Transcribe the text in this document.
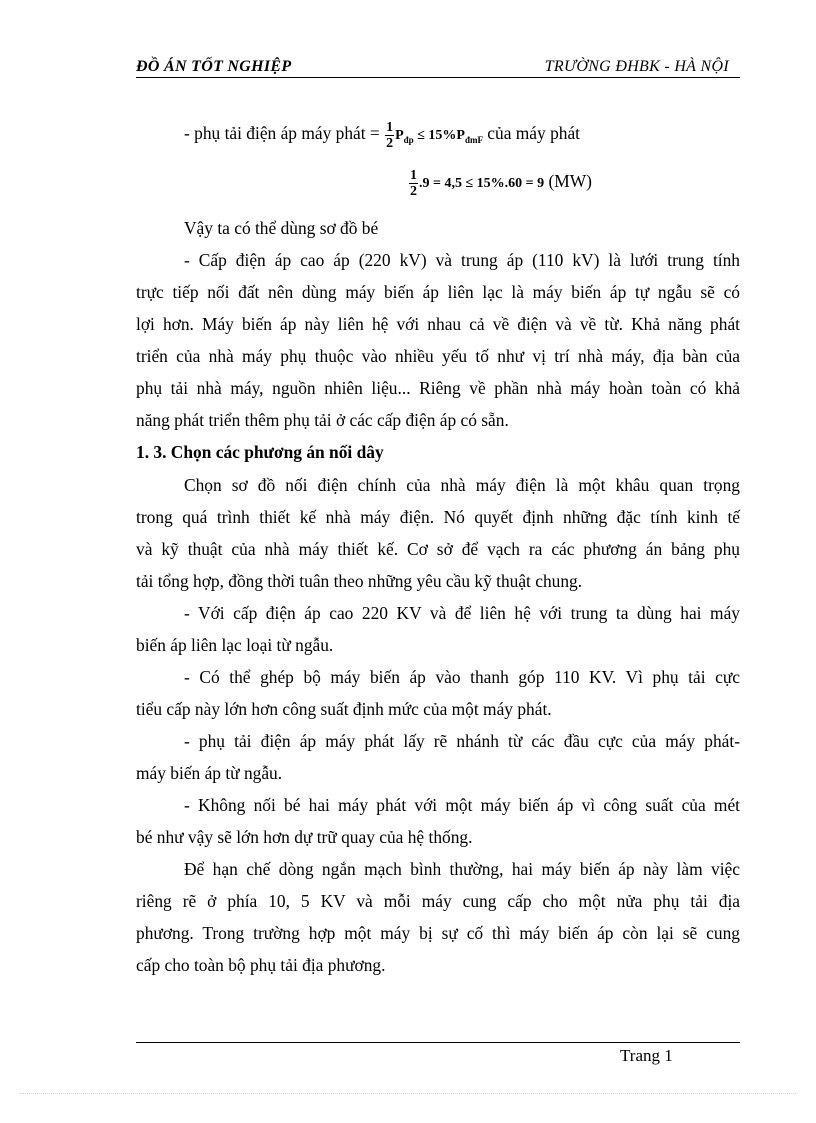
ĐỒ ÁN TỐT NGHIỆP	TRƯỜNG ĐHBK - HÀ NỘI
- phụ tải điện áp máy phát = $\frac{1}{2} P_{đp} \le 15\%P_{đmF}$ của máy phát
$\frac{1}{2} .9 = 4,5 \le 15\%.60 = 9$ (MW)
Vậy ta có thể dùng sơ đồ bé
- Cấp điện áp cao áp (220 kV) và trung áp (110 kV) là lưới trung tính
trực tiếp nối đất nên dùng máy biến áp liên lạc là máy biến áp tự ngẫu sẽ có
lợi hơn. Máy biến áp này liên hệ với nhau cả về điện và về từ. Khả năng phát
triển của nhà máy phụ thuộc vào nhiều yếu tố như vị trí nhà máy, địa bàn của
phụ tải nhà máy, nguồn nhiên liệu... Riêng về phần nhà máy hoàn toàn có khả
năng phát triển thêm phụ tải ở các cấp điện áp có sẵn.
1. 3. Chọn các phương án nối dây
Chọn sơ đồ nối điện chính của nhà máy điện là một khâu quan trọng
trong quá trình thiết kế nhà máy điện. Nó quyết định những đặc tính kinh tế
và kỹ thuật của nhà máy thiết kế. Cơ sở để vạch ra các phương án bảng phụ
tải tổng hợp, đồng thời tuân theo những yêu cầu kỹ thuật chung.
- Với cấp điện áp cao 220 KV và để liên hệ với trung ta dùng hai máy
biến áp liên lạc loại từ ngẫu.
- Có thể ghép bộ máy biến áp vào thanh góp 110 KV. Vì phụ tải cực
tiểu cấp này lớn hơn công suất định mức của một máy phát.
- phụ tải điện áp máy phát lấy rẽ nhánh từ các đầu cực của máy phát-
máy biến áp từ ngẫu.
- Không nối bé hai máy phát với một máy biến áp vì công suất của mét
bé như vậy sẽ lớn hơn dự trữ quay của hệ thống.
Để hạn chế dòng ngắn mạch bình thường, hai máy biến áp này làm việc
riêng rẽ ở phía 10, 5 KV và mỗi máy cung cấp cho một nửa phụ tải địa
phương. Trong trường hợp một máy bị sự cố thì máy biến áp còn lại sẽ cung
cấp cho toàn bộ phụ tải địa phương.
Trang 1
